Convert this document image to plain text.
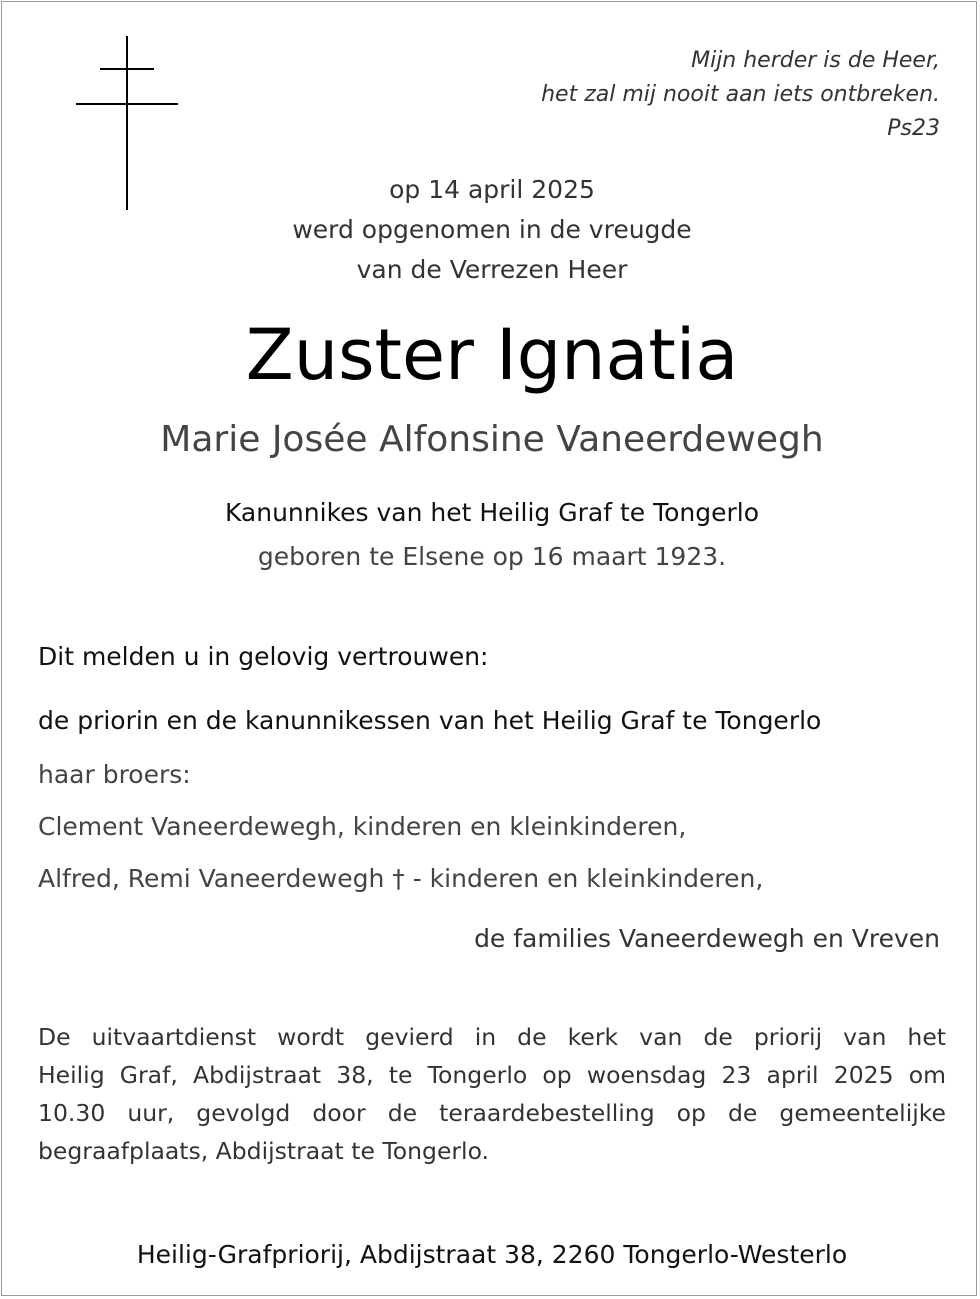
Mijn herder is de Heer,
het zal mij nooit aan iets ontbreken.
Ps23
op 14 april 2025
werd opgenomen in de vreugde
van de Verrezen Heer
Zuster Ignatia
Marie Josée Alfonsine Vaneerdewegh
Kanunnikes van het Heilig Graf te Tongerlo
geboren te Elsene op 16 maart 1923.
Dit melden u in gelovig vertrouwen:
de priorin en de kanunnikessen van het Heilig Graf te Tongerlo
haar broers:
Clement Vaneerdewegh, kinderen en kleinkinderen,
Alfred, Remi Vaneerdewegh † - kinderen en kleinkinderen,
de families Vaneerdewegh en Vreven
De uitvaartdienst wordt gevierd in de kerk van de priorij van het
Heilig Graf, Abdijstraat 38, te Tongerlo op woensdag 23 april 2025 om
10.30 uur, gevolgd door de teraardebestelling op de gemeentelijke
begraafplaats, Abdijstraat te Tongerlo.
Heilig-Grafpriorij, Abdijstraat 38, 2260 Tongerlo-Westerlo
